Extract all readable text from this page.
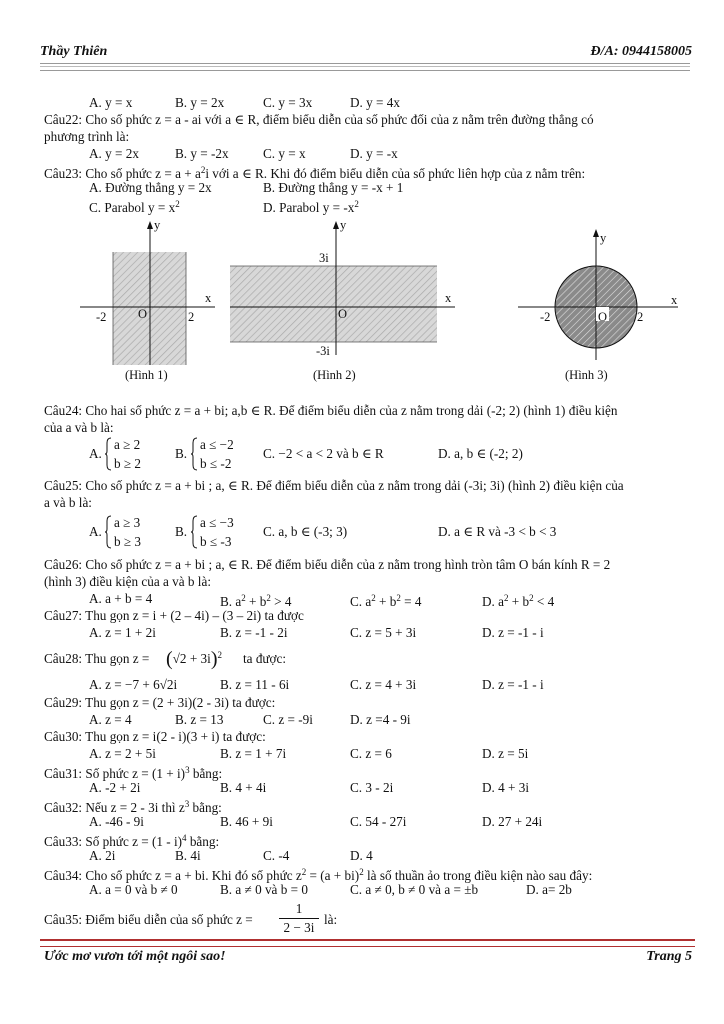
Thầy Thiên	Đ/A: 0944158005
A. y = x	B. y = 2x	C. y = 3x	D. y = 4x
Câu22: Cho số phức z = a - ai với a ∈ R, điểm biểu diễn của số phức đối của z nằm trên đường thẳng có
phương trình là:
A. y = 2x	B. y = -2x	C. y = x	D. y = -x
Câu23: Cho số phức $z = a + a^2i$ với a ∈ R. Khi đó điểm biểu diễn của số phức liên hợp của z nằm trên:
A. Đường thẳng y = 2x	B. Đường thẳng y = -x + 1
C. Parabol $y = x^2$	D. Parabol $y = -x^2$
y
x
-2	O	2
(Hình 1)
y
x
3i
O
-3i
(Hình 2)
y
x
-2	O 2
(Hình 3)
Câu24: Cho hai số phức z = a + bi; a,b ∈ R. Để điểm biểu diễn của z nằm trong dải (-2; 2) (hình 1) điều kiện
của a và b là:
A.
a ≥ 2
b ≥ 2
B.
a ≤ −2
b ≤ -2
C. −2 < a < 2 và b ∈ R	D. a, b ∈ (-2; 2)
Câu25: Cho số phức z = a + bi ; a, ∈ R. Để điểm biểu diễn của z nằm trong dải (-3i; 3i) (hình 2) điều kiện của
a và b là:
A.
a ≥ 3
b ≥ 3
B.
a ≤ −3
b ≤ -3
C. a, b ∈ (-3; 3)	D. a ∈ R và -3 < b < 3
Câu26: Cho số phức z = a + bi ; a, ∈ R. Để điểm biểu diễn của z nằm trong hình tròn tâm O bán kính R = 2
(hình 3) điều kiện của a và b là:
A. a + b = 4	B. $a^2 + b^2 > 4$	C. $a^2 + b^2 = 4$	D. $a^2 + b^2 < 4$
Câu27: Thu gọn z = i + (2 – 4i) – (3 – 2i) ta được
A. z = 1 + 2i	B. z = -1 - 2i	C. z = 5 + 3i	D. z = -1 - i
Câu28: Thu gọn $z = (√2 + 3i)^2$ ta được:
A. z = −7 + 6√2i	B. z = 11 - 6i	C. z = 4 + 3i	D. z = -1 - i
Câu29: Thu gọn z = (2 + 3i)(2 - 3i) ta được:
A. z = 4	B. z = 13	C. z = -9i	D. z =4 - 9i
Câu30: Thu gọn z = i(2 - i)(3 + i) ta được:
A. z = 2 + 5i	B. z = 1 + 7i	C. z = 6	D. z = 5i
Câu31: Số phức $z = (1 + i)^3$ bằng:
A. -2 + 2i	B. 4 + 4i	C. 3 - 2i	D. 4 + 3i
Câu32: Nếu z = 2 - 3i thì $z^3$ bằng:
A. -46 - 9i	B. 46 + 9i	C. 54 - 27i	D. 27 + 24i
Câu33: Số phức z = (1 - i)$^4$ bằng:
A. 2i	B. 4i	C. -4	D. 4
Câu34: Cho số phức z = a + bi. Khi đó số phức $z^2 = (a + bi)^2$ là số thuần ảo trong điều kiện nào sau đây:
A. a = 0 và b ≠ 0	B. a ≠ 0 và b = 0	C. a ≠ 0, b ≠ 0 và a = ±b	D. a= 2b
Câu35: Điểm biểu diễn của số phức z =
1
2 − 3i
là:
Ước mơ vươn tới một ngôi sao!	Trang 5
